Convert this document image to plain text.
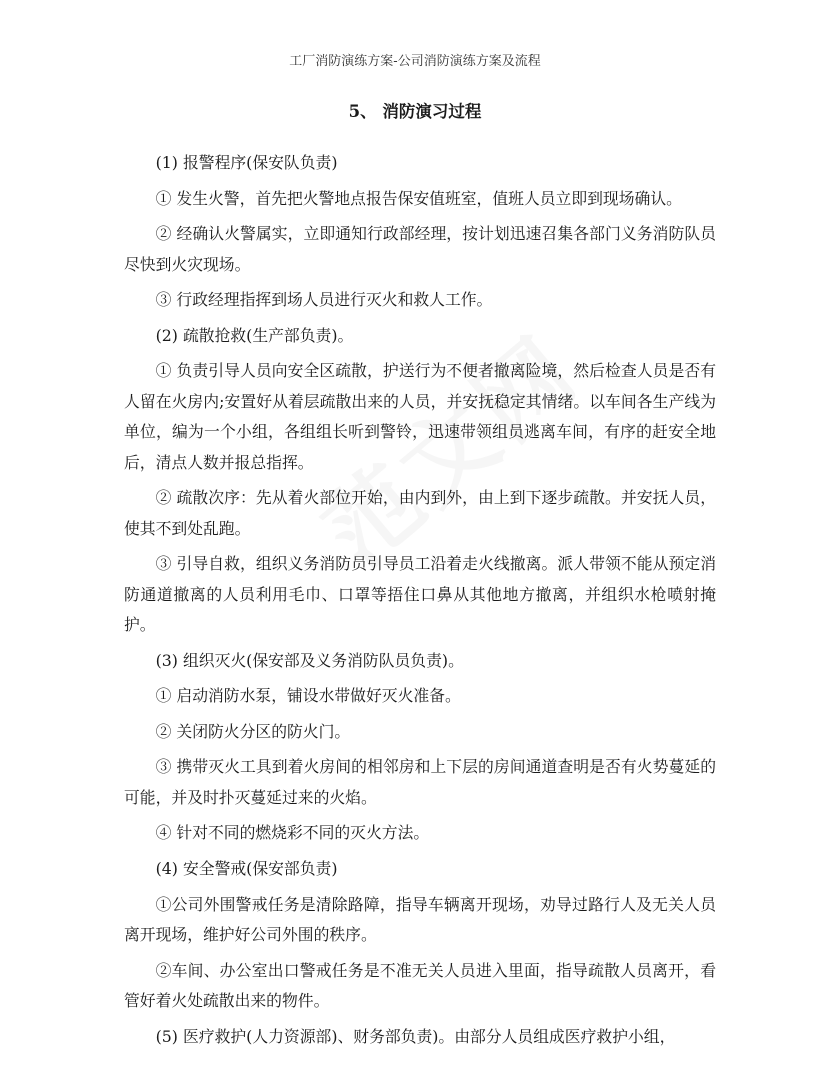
工厂消防演练方案-公司消防演练方案及流程
5、 消防演习过程

(1) 报警程序(保安队负责)

① 发生火警，首先把火警地点报告保安值班室，值班人员立即到现场确认。

② 经确认火警属实，立即通知行政部经理，按计划迅速召集各部门义务消防队员尽快到火灾现场。

③ 行政经理指挥到场人员进行灭火和救人工作。

(2) 疏散抢救(生产部负责)。

① 负责引导人员向安全区疏散，护送行为不便者撤离险境，然后检查人员是否有人留在火房内;安置好从着层疏散出来的人员，并安抚稳定其情绪。以车间各生产线为单位，编为一个小组，各组组长听到警铃，迅速带领组员逃离车间，有序的赶安全地后，清点人数并报总指挥。

② 疏散次序：先从着火部位开始，由内到外，由上到下逐步疏散。并安抚人员，使其不到处乱跑。

③ 引导自救，组织义务消防员引导员工沿着走火线撤离。派人带领不能从预定消防通道撤离的人员利用毛巾、口罩等捂住口鼻从其他地方撤离，并组织水枪喷射掩护。

(3) 组织灭火(保安部及义务消防队员负责)。

① 启动消防水泵，铺设水带做好灭火准备。

② 关闭防火分区的防火门。

③ 携带灭火工具到着火房间的相邻房和上下层的房间通道查明是否有火势蔓延的可能，并及时扑灭蔓延过来的火焰。

④ 针对不同的燃烧彩不同的灭火方法。

(4) 安全警戒(保安部负责)

①公司外围警戒任务是清除路障，指导车辆离开现场，劝导过路行人及无关人员离开现场，维护好公司外围的秩序。

②车间、办公室出口警戒任务是不准无关人员进入里面，指导疏散人员离开，看管好着火处疏散出来的物件。

(5) 医疗救护(人力资源部)、财务部负责)。由部分人员组成医疗救护小组，
